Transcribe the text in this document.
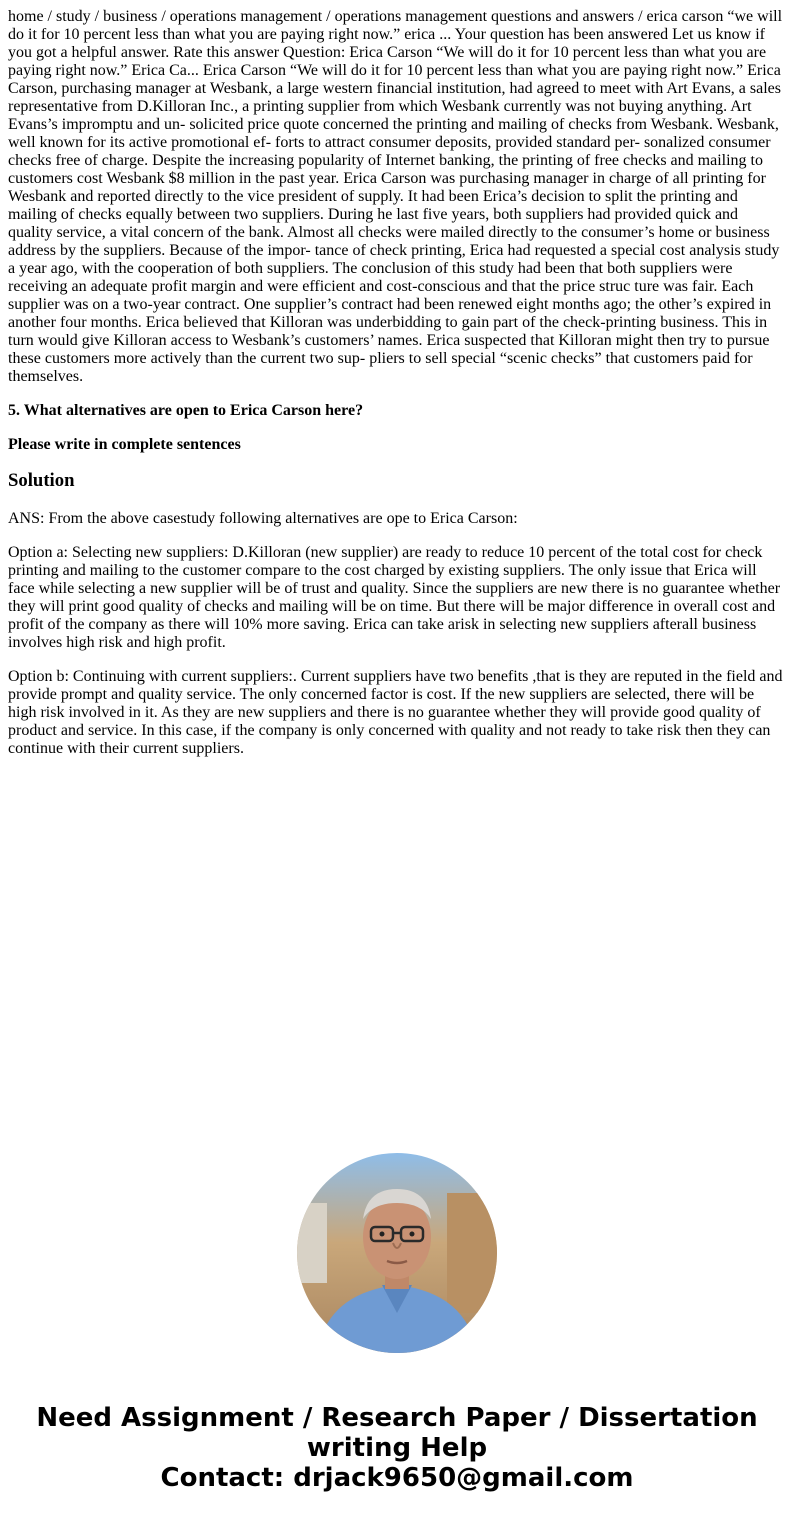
home / study / business / operations management / operations management questions and answers / erica carson “we will do it for 10 percent less than what you are paying right now.” erica ... Your question has been answered Let us know if you got a helpful answer. Rate this answer Question: Erica Carson “We will do it for 10 percent less than what you are paying right now.” Erica Ca... Erica Carson “We will do it for 10 percent less than what you are paying right now.” Erica Carson, purchasing manager at Wesbank, a large western financial institution, had agreed to meet with Art Evans, a sales representative from D.Killoran Inc., a printing supplier from which Wesbank currently was not buying anything. Art Evans’s impromptu and un- solicited price quote concerned the printing and mailing of checks from Wesbank. Wesbank, well known for its active promotional ef- forts to attract consumer deposits, provided standard per- sonalized consumer checks free of charge. Despite the increasing popularity of Internet banking, the printing of free checks and mailing to customers cost Wesbank $8 million in the past year. Erica Carson was purchasing manager in charge of all printing for Wesbank and reported directly to the vice president of supply. It had been Erica’s decision to split the printing and mailing of checks equally between two suppliers. During he last five years, both suppliers had provided quick and quality service, a vital concern of the bank. Almost all checks were mailed directly to the consumer’s home or business address by the suppliers. Because of the impor- tance of check printing, Erica had requested a special cost analysis study a year ago, with the cooperation of both suppliers. The conclusion of this study had been that both suppliers were receiving an adequate profit margin and were efficient and cost-conscious and that the price struc ture was fair. Each supplier was on a two-year contract. One supplier’s contract had been renewed eight months ago; the other’s expired in another four months. Erica believed that Killoran was underbidding to gain part of the check-printing business. This in turn would give Killoran access to Wesbank’s customers’ names. Erica suspected that Killoran might then try to pursue these customers more actively than the current two sup- pliers to sell special “scenic checks” that customers paid for themselves.
5. What alternatives are open to Erica Carson here?
Please write in complete sentences
Solution

ANS: From the above casestudy following alternatives are ope to Erica Carson:

Option a: Selecting new suppliers: D.Killoran (new supplier) are ready to reduce 10 percent of the total cost for check printing and mailing to the customer compare to the cost charged by existing suppliers. The only issue that Erica will face while selecting a new supplier will be of trust and quality. Since the suppliers are new there is no guarantee whether they will print good quality of checks and mailing will be on time. But there will be major difference in overall cost and profit of the company as there will 10% more saving. Erica can take arisk in selecting new suppliers afterall business involves high risk and high profit.

Option b: Continuing with current suppliers:. Current suppliers have two benefits ,that is they are reputed in the field and provide prompt and quality service. The only concerned factor is cost. If the new suppliers are selected, there will be high risk involved in it. As they are new suppliers and there is no guarantee whether they will provide good quality of product and service. In this case, if the company is only concerned with quality and not ready to take risk then they can continue with their current suppliers.

Need Assignment / Research Paper / Dissertation
writing Help
Contact: drjack9650@gmail.com
